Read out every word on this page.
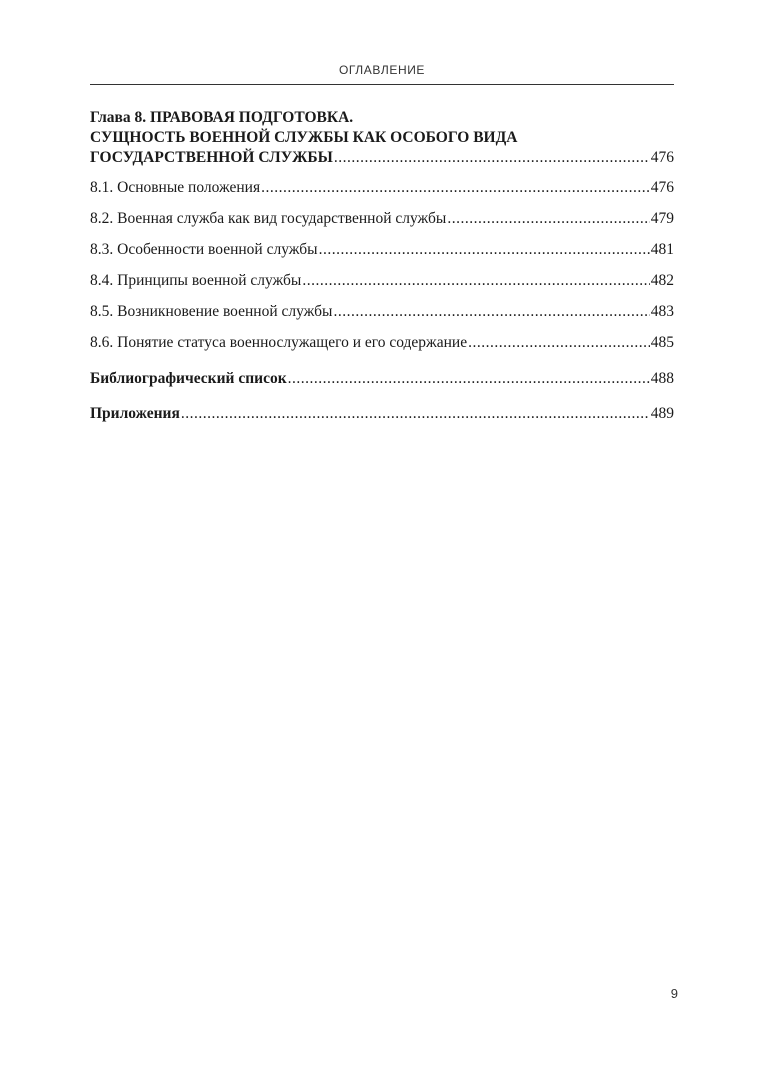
ОГЛАВЛЕНИЕ
Глава 8. ПРАВОВАЯ ПОДГОТОВКА.
СУЩНОСТЬ ВОЕННОЙ СЛУЖБЫ КАК ОСОБОГО ВИДА
ГОСУДАРСТВЕННОЙ СЛУЖБЫ .....	476
8.1. Основные положения .....	476
8.2. Военная служба как вид государственной службы .....	479
8.3. Особенности военной службы .....	481
8.4. Принципы военной службы .....	482
8.5. Возникновение военной службы .....	483
8.6. Понятие статуса военнослужащего и его содержание .....	485
Библиографический список .....	488
Приложения .....	489
9
